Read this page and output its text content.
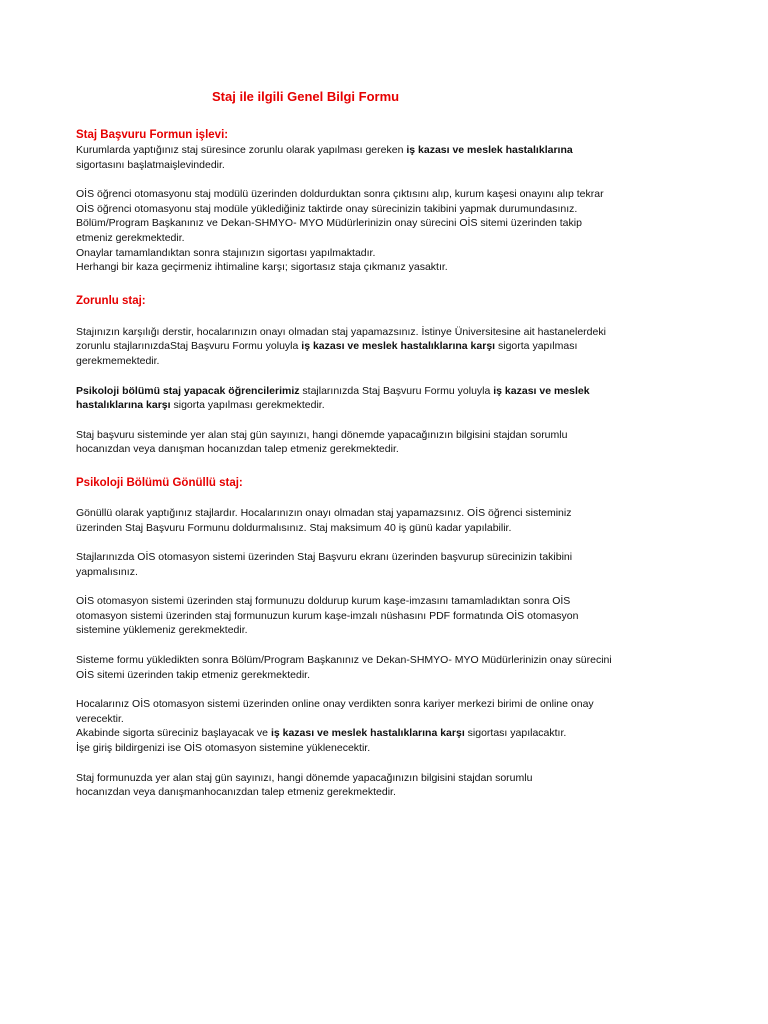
Staj ile ilgili Genel Bilgi Formu
Staj Başvuru Formun işlevi:

Kurumlarda yaptığınız staj süresince zorunlu olarak yapılması gereken iş kazası ve meslek hastalıklarına
sigortasını başlatmaişlevindedir.

OİS öğrenci otomasyonu staj modülü üzerinden doldurduktan sonra çıktısını alıp, kurum kaşesi onayını alıp tekrar
OİS öğrenci otomasyonu staj modüle yüklediğiniz taktirde onay sürecinizin takibini yapmak durumundasınız.
Bölüm/Program Başkanınız ve Dekan-SHMYO- MYO Müdürlerinizin onay sürecini OİS sitemi üzerinden takip
etmeniz gerekmektedir.
Onaylar tamamlandıktan sonra stajınızın sigortası yapılmaktadır.
Herhangi bir kaza geçirmeniz ihtimaline karşı; sigortasız staja çıkmanız yasaktır.

Zorunlu staj:

Stajınızın karşılığı derstir, hocalarınızın onayı olmadan staj yapamazsınız. İstinye Üniversitesine ait hastanelerdeki
zorunlu stajlarınızdaStaj Başvuru Formu yoluyla iş kazası ve meslek hastalıklarına karşı sigorta yapılması
gerekmemektedir.

Psikoloji bölümü staj yapacak öğrencilerimiz stajlarınızda Staj Başvuru Formu yoluyla iş kazası ve meslek
hastalıklarına karşı sigorta yapılması gerekmektedir.

Staj başvuru sisteminde yer alan staj gün sayınızı, hangi dönemde yapacağınızın bilgisini stajdan sorumlu
hocanızdan veya danışman hocanızdan talep etmeniz gerekmektedir.

Psikoloji Bölümü Gönüllü staj:

Gönüllü olarak yaptığınız stajlardır. Hocalarınızın onayı olmadan staj yapamazsınız. OİS öğrenci sisteminiz
üzerinden Staj Başvuru Formunu doldurmalısınız. Staj maksimum 40 iş günü kadar yapılabilir.

Stajlarınızda OİS otomasyon sistemi üzerinden Staj Başvuru ekranı üzerinden başvurup sürecinizin takibini
yapmalısınız.

OİS otomasyon sistemi üzerinden staj formunuzu doldurup kurum kaşe-imzasını tamamladıktan sonra OİS
otomasyon sistemi üzerinden staj formunuzun kurum kaşe-imzalı nüshasını PDF formatında OİS otomasyon
sistemine yüklemeniz gerekmektedir.

Sisteme formu yükledikten sonra Bölüm/Program Başkanınız ve Dekan-SHMYO- MYO Müdürlerinizin onay sürecini
OİS sitemi üzerinden takip etmeniz gerekmektedir.

Hocalarınız OİS otomasyon sistemi üzerinden online onay verdikten sonra kariyer merkezi birimi de online onay
verecektir.
Akabinde sigorta süreciniz başlayacak ve iş kazası ve meslek hastalıklarına karşı sigortası yapılacaktır.
İşe giriş bildirgenizi ise OİS otomasyon sistemine yüklenecektir.

Staj formunuzda yer alan staj gün sayınızı, hangi dönemde yapacağınızın bilgisini stajdan sorumlu
hocanızdan veya danışmanhocanızdan talep etmeniz gerekmektedir.
